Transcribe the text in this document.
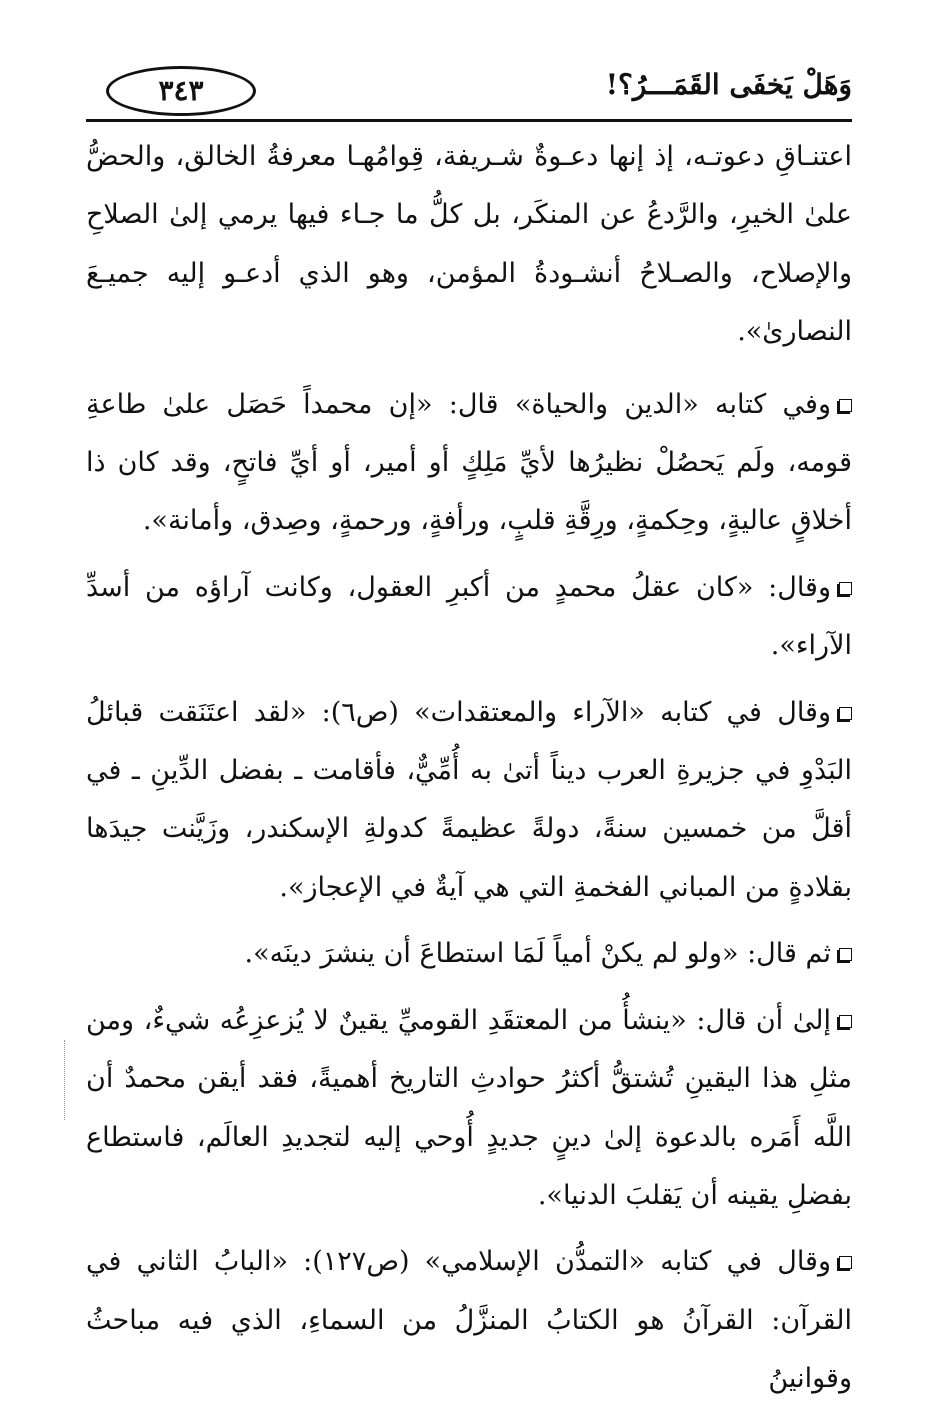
٣٤٣	وَهَلْ يَخفَى القَمَـــرُ؟!

اعتنـاقِ دعوتـه، إذ إنها دعـوةٌ شـريفة، قِوامُهـا معرفةُ الخالق، والحضُّ علىٰ الخيرِ، والرَّدعُ عن المنكَر، بل كلُّ ما جـاء فيها يرمي إلىٰ الصلاحِ والإصلاح، والصـلاحُ أنشـودةُ المؤمن، وهو الذي أدعـو إليه جميـعَ النصارىٰ».

وفي كتابه «الدين والحياة» قال: «إن محمداً حَصَل علىٰ طاعةِ قومه، ولَم يَحصُلْ نظيرُها لأيِّ مَلِكٍ أو أمير، أو أيِّ فاتحٍ، وقد كان ذا أخلاقٍ عاليةٍ، وحِكمةٍ، ورِقَّةِ قلبٍ، ورأفةٍ، ورحمةٍ، وصِدق، وأمانة».

وقال: «كان عقلُ محمدٍ من أكبرِ العقول، وكانت آراؤه من أسدِّ الآراء».

وقال في كتابه «الآراء والمعتقدات» (ص٦): «لقد اعتَنَقت قبائلُ البَدْوِ في جزيرةِ العرب ديناً أتىٰ به أُمِّيٌّ، فأقامت ـ بفضل الدِّينِ ـ في أقلَّ من خمسين سنةً، دولةً عظيمةً كدولةِ الإسكندر، وزَيَّنت جيدَها بقلادةٍ من المباني الفخمةِ التي هي آيةٌ في الإعجاز».

ثم قال: «ولو لم يكنْ أمياً لَمَا استطاعَ أن ينشرَ دينَه».

إلىٰ أن قال: «ينشأُ من المعتقَدِ القوميِّ يقينٌ لا يُزعزِعُه شيءٌ، ومن مثلِ هذا اليقينِ تُشتقُّ أكثرُ حوادثِ التاريخ أهميةً، فقد أيقن محمدٌ أن اللَّه أَمَره بالدعوة إلىٰ دينٍ جديدٍ أُوحي إليه لتجديدِ العالَم، فاستطاع بفضلِ يقينه أن يَقلبَ الدنيا».

وقال في كتابه «التمدُّن الإسلامي» (ص١٢٧): «البابُ الثاني في القرآن: القرآنُ هو الكتابُ المنزَّلُ من السماءِ، الذي فيه مباحثُ وقوانينُ
